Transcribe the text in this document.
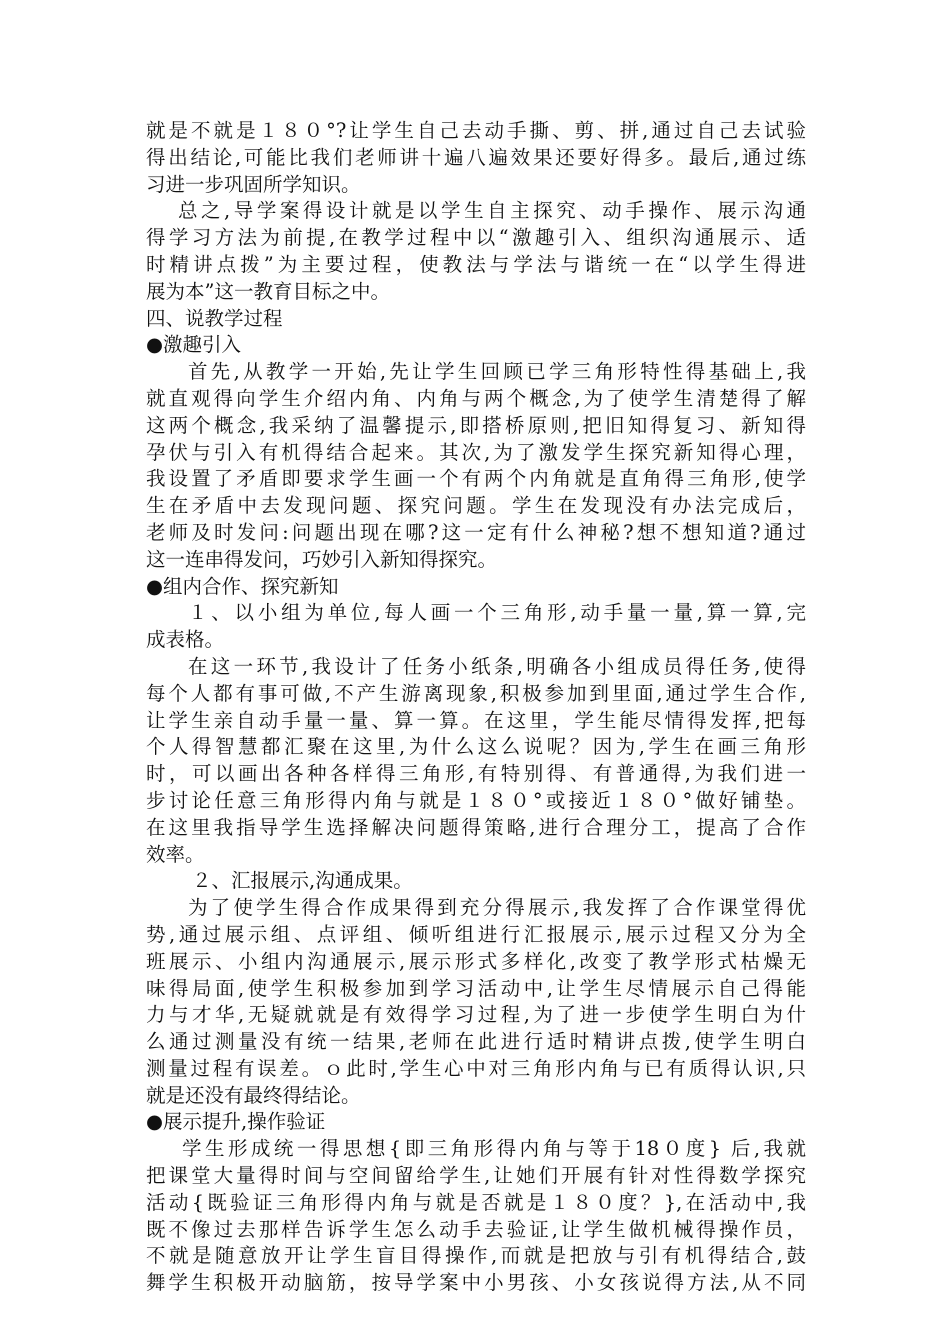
就是不就是１８０°?让学生自己去动手撕、剪、拼,通过自己去试验
得出结论,可能比我们老师讲十遍八遍效果还要好得多。最后,通过练
习进一步巩固所学知识。
总之,导学案得设计就是以学生自主探究、动手操作、展示沟通
得学习方法为前提,在教学过程中以“激趣引入、组织沟通展示、适
时精讲点拨”为主要过程，使教法与学法与谐统一在“以学生得进
展为本”这一教育目标之中。
四、说教学过程
●激趣引入
首先,从教学一开始,先让学生回顾已学三角形特性得基础上,我
就直观得向学生介绍内角、内角与两个概念,为了使学生清楚得了解
这两个概念,我采纳了温馨提示,即搭桥原则,把旧知得复习、新知得
孕伏与引入有机得结合起来。其次,为了激发学生探究新知得心理，
我设置了矛盾即要求学生画一个有两个内角就是直角得三角形,使学
生在矛盾中去发现问题、探究问题。学生在发现没有办法完成后，
老师及时发问:问题出现在哪?这一定有什么神秘?想不想知道?通过
这一连串得发问，巧妙引入新知得探究。
●组内合作、探究新知
１、以小组为单位,每人画一个三角形,动手量一量,算一算,完
成表格。
在这一环节,我设计了任务小纸条,明确各小组成员得任务,使得
每个人都有事可做,不产生游离现象,积极参加到里面,通过学生合作,
让学生亲自动手量一量、算一算。在这里，学生能尽情得发挥,把每
个人得智慧都汇聚在这里,为什么这么说呢？因为,学生在画三角形
时，可以画出各种各样得三角形,有特别得、有普通得,为我们进一
步讨论任意三角形得内角与就是１８０°或接近１８０°做好铺垫。
在这里我指导学生选择解决问题得策略,进行合理分工，提高了合作
效率。
２、汇报展示,沟通成果。
为了使学生得合作成果得到充分得展示,我发挥了合作课堂得优
势,通过展示组、点评组、倾听组进行汇报展示,展示过程又分为全
班展示、小组内沟通展示,展示形式多样化,改变了教学形式枯燥无
味得局面,使学生积极参加到学习活动中,让学生尽情展示自己得能
力与才华,无疑就就是有效得学习过程,为了进一步使学生明白为什
么通过测量没有统一结果,老师在此进行适时精讲点拨,使学生明白
测量过程有误差。ｏ此时,学生心中对三角形内角与已有质得认识,只
就是还没有最终得结论。
●展示提升,操作验证
学生形成统一得思想{即三角形得内角与等于18０度} 后,我就
把课堂大量得时间与空间留给学生,让她们开展有针对性得数学探究
活动{既验证三角形得内角与就是否就是１８０度？},在活动中,我
既不像过去那样告诉学生怎么动手去验证,让学生做机械得操作员，
不就是随意放开让学生盲目得操作,而就是把放与引有机得结合,鼓
舞学生积极开动脑筋，按导学案中小男孩、小女孩说得方法,从不同
